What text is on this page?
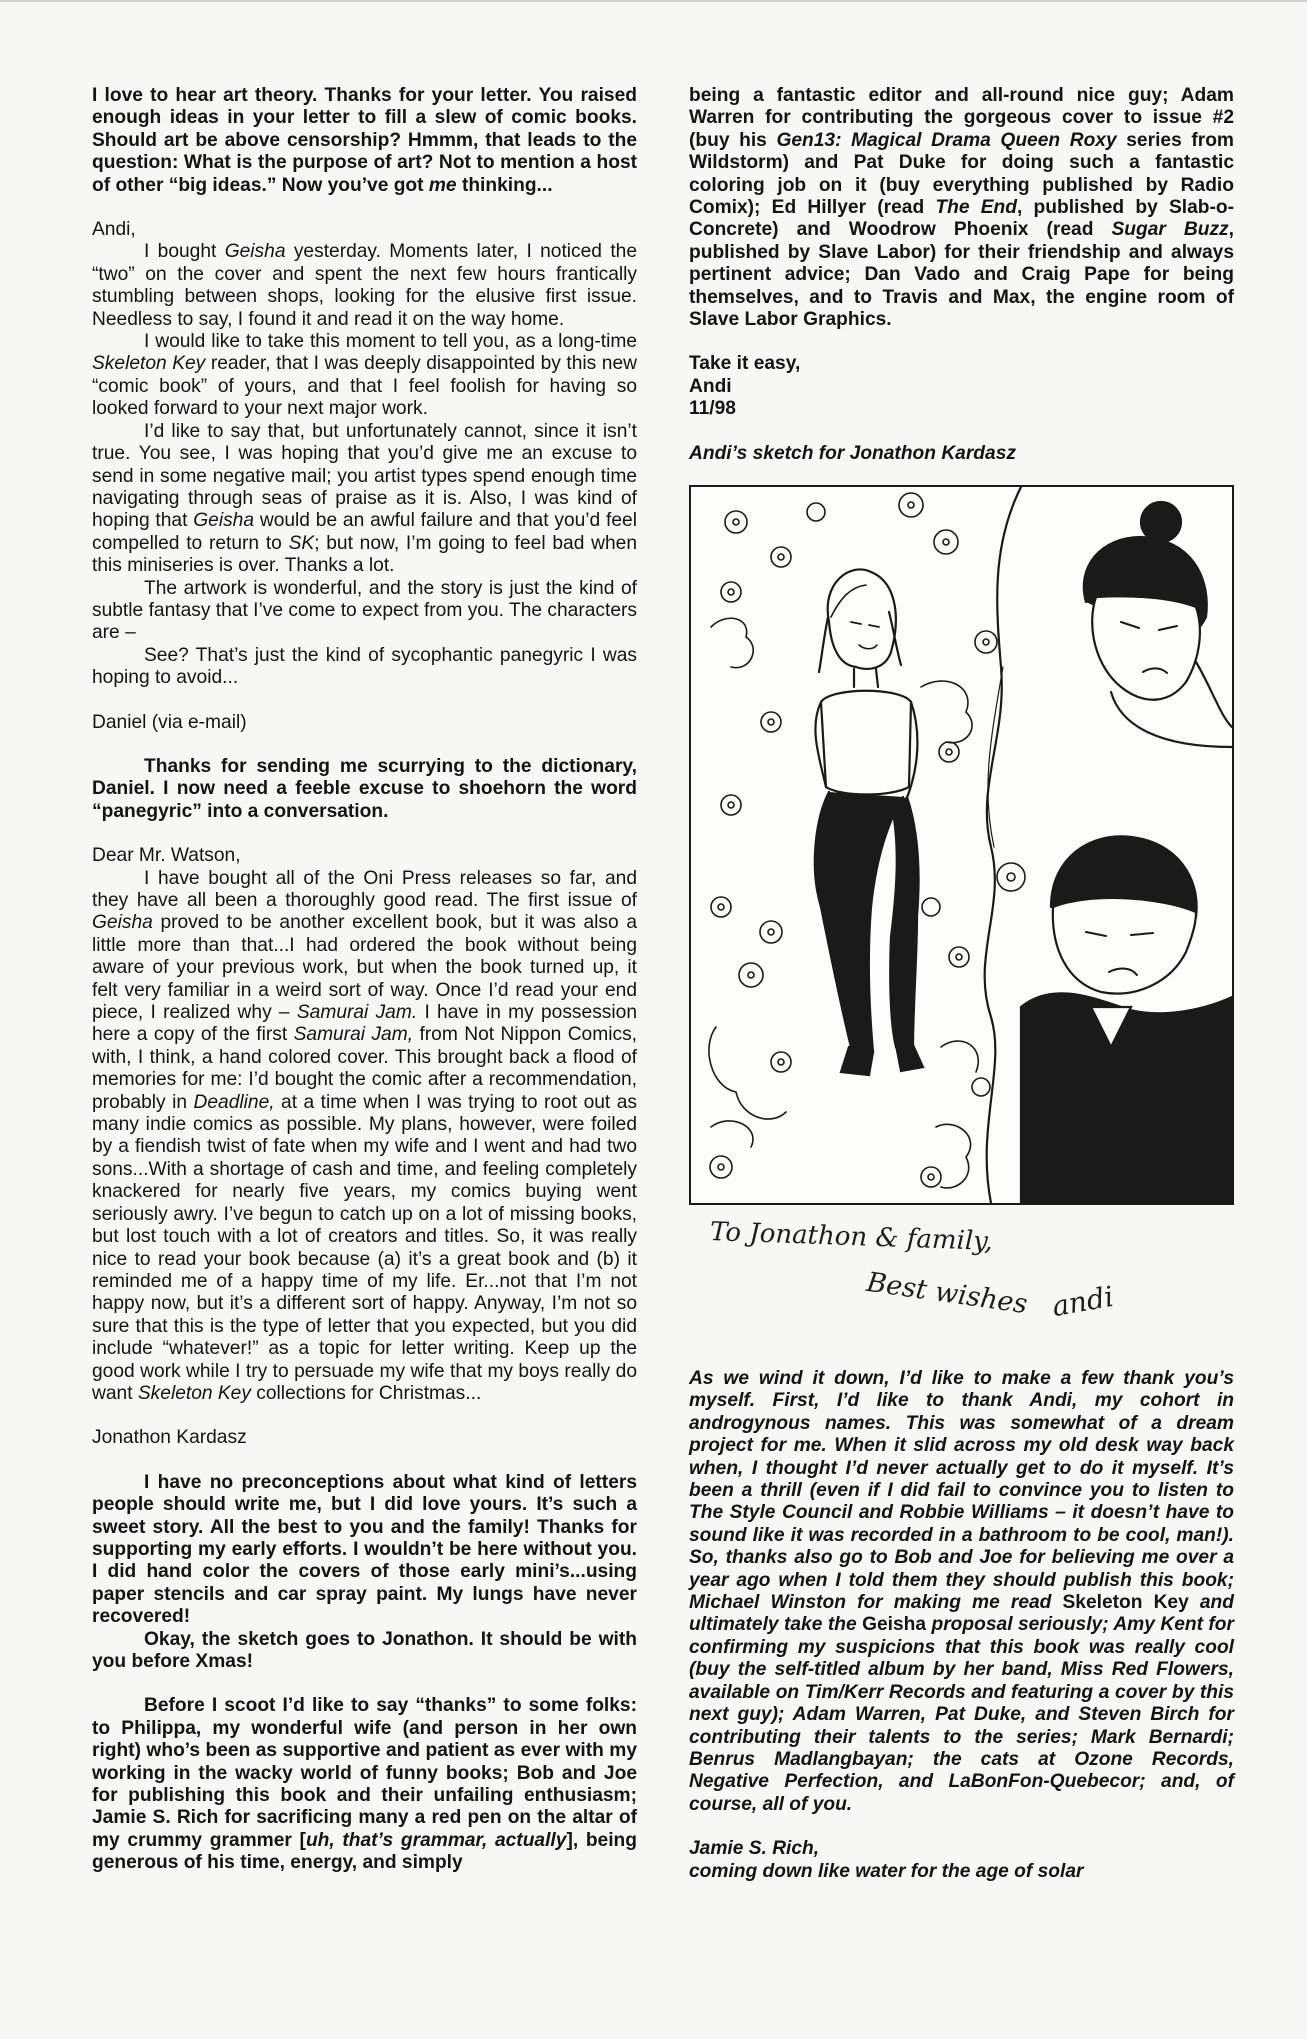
I love to hear art theory. Thanks for your letter. You raised enough ideas in your letter to fill a slew of comic books. Should art be above censorship? Hmmm, that leads to the question: What is the purpose of art? Not to mention a host of other “big ideas.” Now you’ve got me thinking...

Andi,

I bought Geisha yesterday. Moments later, I noticed the “two” on the cover and spent the next few hours frantically stumbling between shops, looking for the elusive first issue. Needless to say, I found it and read it on the way home.

I would like to take this moment to tell you, as a long-time Skeleton Key reader, that I was deeply disappointed by this new “comic book” of yours, and that I feel foolish for having so looked forward to your next major work.

I’d like to say that, but unfortunately cannot, since it isn’t true. You see, I was hoping that you’d give me an excuse to send in some negative mail; you artist types spend enough time navigating through seas of praise as it is. Also, I was kind of hoping that Geisha would be an awful failure and that you’d feel compelled to return to SK; but now, I’m going to feel bad when this miniseries is over. Thanks a lot.

The artwork is wonderful, and the story is just the kind of subtle fantasy that I’ve come to expect from you. The characters are –

See? That’s just the kind of sycophantic panegyric I was hoping to avoid...

Daniel (via e-mail)

Thanks for sending me scurrying to the dictionary, Daniel. I now need a feeble excuse to shoehorn the word “panegyric” into a conversation.

Dear Mr. Watson,

I have bought all of the Oni Press releases so far, and they have all been a thoroughly good read. The first issue of Geisha proved to be another excellent book, but it was also a little more than that...I had ordered the book without being aware of your previous work, but when the book turned up, it felt very familiar in a weird sort of way. Once I’d read your end piece, I realized why – Samurai Jam. I have in my possession here a copy of the first Samurai Jam, from Not Nippon Comics, with, I think, a hand colored cover. This brought back a flood of memories for me: I’d bought the comic after a recommendation, probably in Deadline, at a time when I was trying to root out as many indie comics as possible. My plans, however, were foiled by a fiendish twist of fate when my wife and I went and had two sons...With a shortage of cash and time, and feeling completely knackered for nearly five years, my comics buying went seriously awry. I’ve begun to catch up on a lot of missing books, but lost touch with a lot of creators and titles. So, it was really nice to read your book because (a) it’s a great book and (b) it reminded me of a happy time of my life. Er...not that I’m not happy now, but it’s a different sort of happy. Anyway, I’m not so sure that this is the type of letter that you expected, but you did include “whatever!” as a topic for letter writing. Keep up the good work while I try to persuade my wife that my boys really do want Skeleton Key collections for Christmas...

Jonathon Kardasz

I have no preconceptions about what kind of letters people should write me, but I did love yours. It’s such a sweet story. All the best to you and the family! Thanks for supporting my early efforts. I wouldn’t be here without you. I did hand color the covers of those early mini’s...using paper stencils and car spray paint. My lungs have never recovered!

Okay, the sketch goes to Jonathon. It should be with you before Xmas!

Before I scoot I’d like to say “thanks” to some folks: to Philippa, my wonderful wife (and person in her own right) who’s been as supportive and patient as ever with my working in the wacky world of funny books; Bob and Joe for publishing this book and their unfailing enthusiasm; Jamie S. Rich for sacrificing many a red pen on the altar of my crummy grammer [uh, that’s grammar, actually], being generous of his time, energy, and simply

being a fantastic editor and all-round nice guy; Adam Warren for contributing the gorgeous cover to issue #2 (buy his Gen13: Magical Drama Queen Roxy series from Wildstorm) and Pat Duke for doing such a fantastic coloring job on it (buy everything published by Radio Comix); Ed Hillyer (read The End, published by Slab-o-Concrete) and Woodrow Phoenix (read Sugar Buzz, published by Slave Labor) for their friendship and always pertinent advice; Dan Vado and Craig Pape for being themselves, and to Travis and Max, the engine room of Slave Labor Graphics.

Take it easy,

Andi

11/98

Andi’s sketch for Jonathon Kardasz

To Jonathon & family,
Best wishes andi

As we wind it down, I’d like to make a few thank you’s myself. First, I’d like to thank Andi, my cohort in androgynous names. This was somewhat of a dream project for me. When it slid across my old desk way back when, I thought I’d never actually get to do it myself. It’s been a thrill (even if I did fail to convince you to listen to The Style Council and Robbie Williams – it doesn’t have to sound like it was recorded in a bathroom to be cool, man!). So, thanks also go to Bob and Joe for believing me over a year ago when I told them they should publish this book; Michael Winston for making me read Skeleton Key and ultimately take the Geisha proposal seriously; Amy Kent for confirming my suspicions that this book was really cool (buy the self-titled album by her band, Miss Red Flowers, available on Tim/Kerr Records and featuring a cover by this next guy); Adam Warren, Pat Duke, and Steven Birch for contributing their talents to the series; Mark Bernardi; Benrus Madlangbayan; the cats at Ozone Records, Negative Perfection, and LaBonFon-Quebecor; and, of course, all of you.

Jamie S. Rich,

coming down like water for the age of solar
